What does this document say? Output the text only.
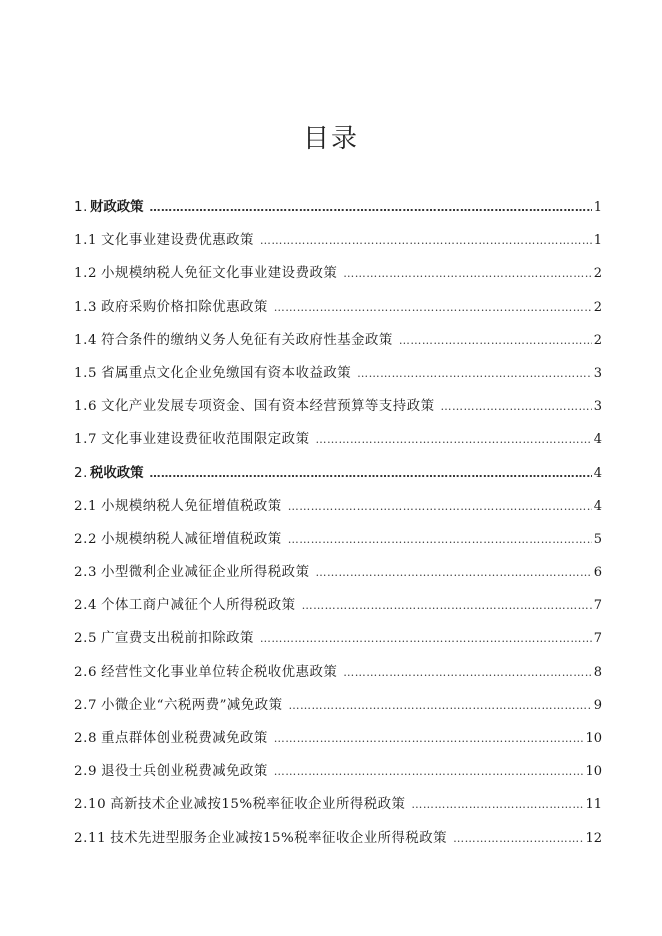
目录
1. 财政政策 …………………………………………………………………………………………………………………………………………………………	1
1.1 文化事业建设费优惠政策 …………………………………………………………………………………………………………………………………………………………	1
1.2 小规模纳税人免征文化事业建设费政策 …………………………………………………………………………………………………………………………………………………………	2
1.3 政府采购价格扣除优惠政策 …………………………………………………………………………………………………………………………………………………………	2
1.4 符合条件的缴纳义务人免征有关政府性基金政策 …………………………………………………………………………………………………………………………………………………………	2
1.5 省属重点文化企业免缴国有资本收益政策 …………………………………………………………………………………………………………………………………………………………	3
1.6 文化产业发展专项资金、国有资本经营预算等支持政策 …………………………………………………………………………………………………………………………………………………………	3
1.7 文化事业建设费征收范围限定政策 …………………………………………………………………………………………………………………………………………………………	4
2. 税收政策 …………………………………………………………………………………………………………………………………………………………	4
2.1 小规模纳税人免征增值税政策 …………………………………………………………………………………………………………………………………………………………	4
2.2 小规模纳税人减征增值税政策 …………………………………………………………………………………………………………………………………………………………	5
2.3 小型微利企业减征企业所得税政策 …………………………………………………………………………………………………………………………………………………………	6
2.4 个体工商户减征个人所得税政策 …………………………………………………………………………………………………………………………………………………………	7
2.5 广宣费支出税前扣除政策 …………………………………………………………………………………………………………………………………………………………	7
2.6 经营性文化事业单位转企税收优惠政策 …………………………………………………………………………………………………………………………………………………………	8
2.7 小微企业“六税两费”减免政策 …………………………………………………………………………………………………………………………………………………………	9
2.8 重点群体创业税费减免政策 …………………………………………………………………………………………………………………………………………………………	10
2.9 退役士兵创业税费减免政策 …………………………………………………………………………………………………………………………………………………………	10
2.10 高新技术企业减按15%税率征收企业所得税政策 …………………………………………………………………………………………………………………………………………………………	11
2.11 技术先进型服务企业减按15%税率征收企业所得税政策 …………………………………………………………………………………………………………………………………………………………	12
